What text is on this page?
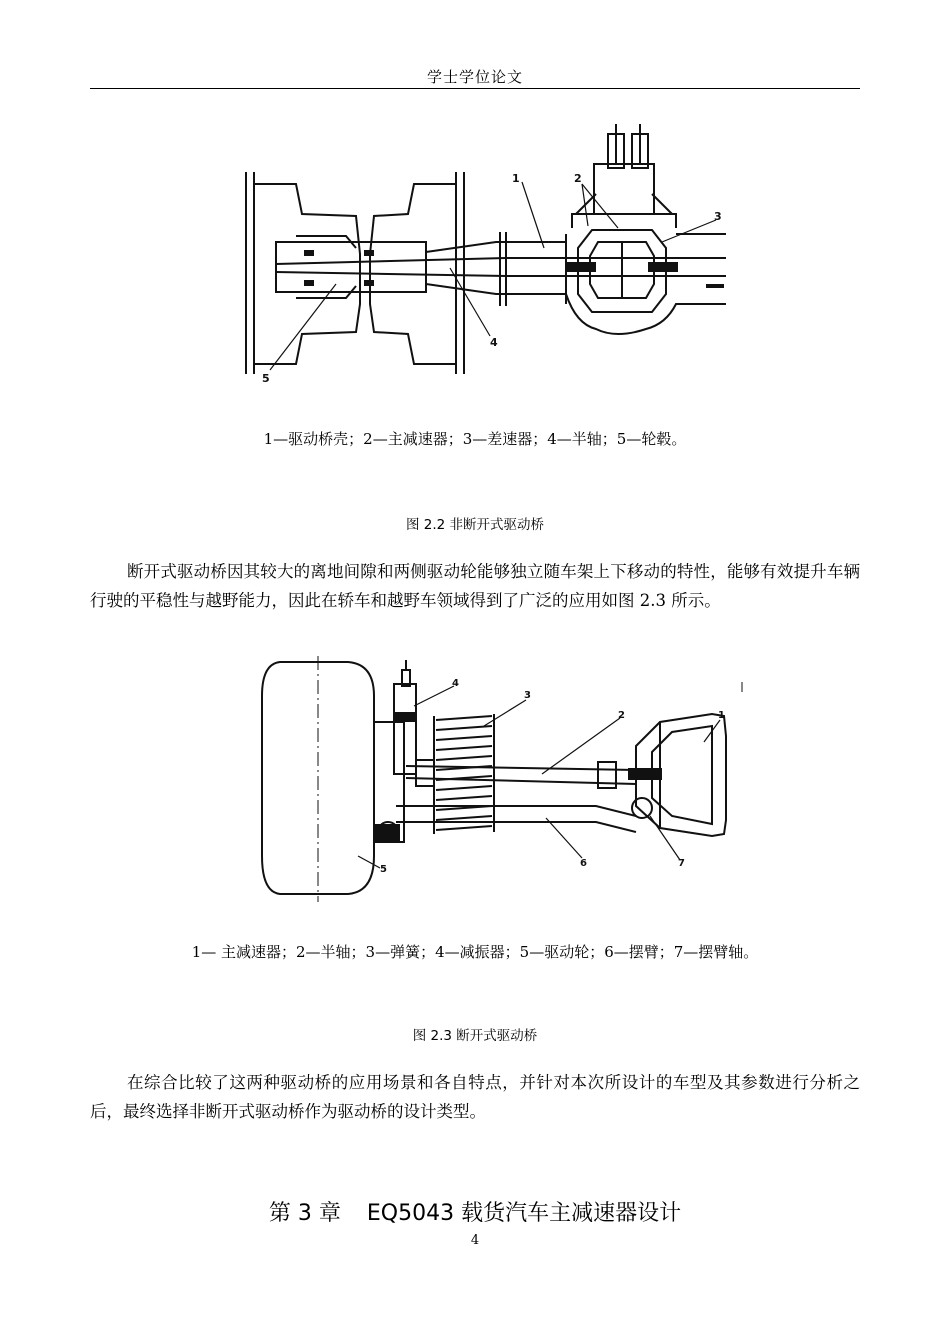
学士学位论文
1	2
3
4
5
1—驱动桥壳；2—主减速器；3—差速器；4—半轴；5—轮毂。
图 2.2 非断开式驱动桥
断开式驱动桥因其较大的离地间隙和两侧驱动轮能够独立随车架上下移动的特性，能够有效提升车辆行驶的平稳性与越野能力，因此在轿车和越野车领域得到了广泛的应用如图 2.3 所示。
1
2
3
4
5
6	7
1— 主减速器；2—半轴；3—弹簧；4—减振器；5—驱动轮；6—摆臂；7—摆臂轴。
图 2.3 断开式驱动桥
在综合比较了这两种驱动桥的应用场景和各自特点，并针对本次所设计的车型及其参数进行分析之后，最终选择非断开式驱动桥作为驱动桥的设计类型。
第 3 章 EQ5043 载货汽车主减速器设计
4
